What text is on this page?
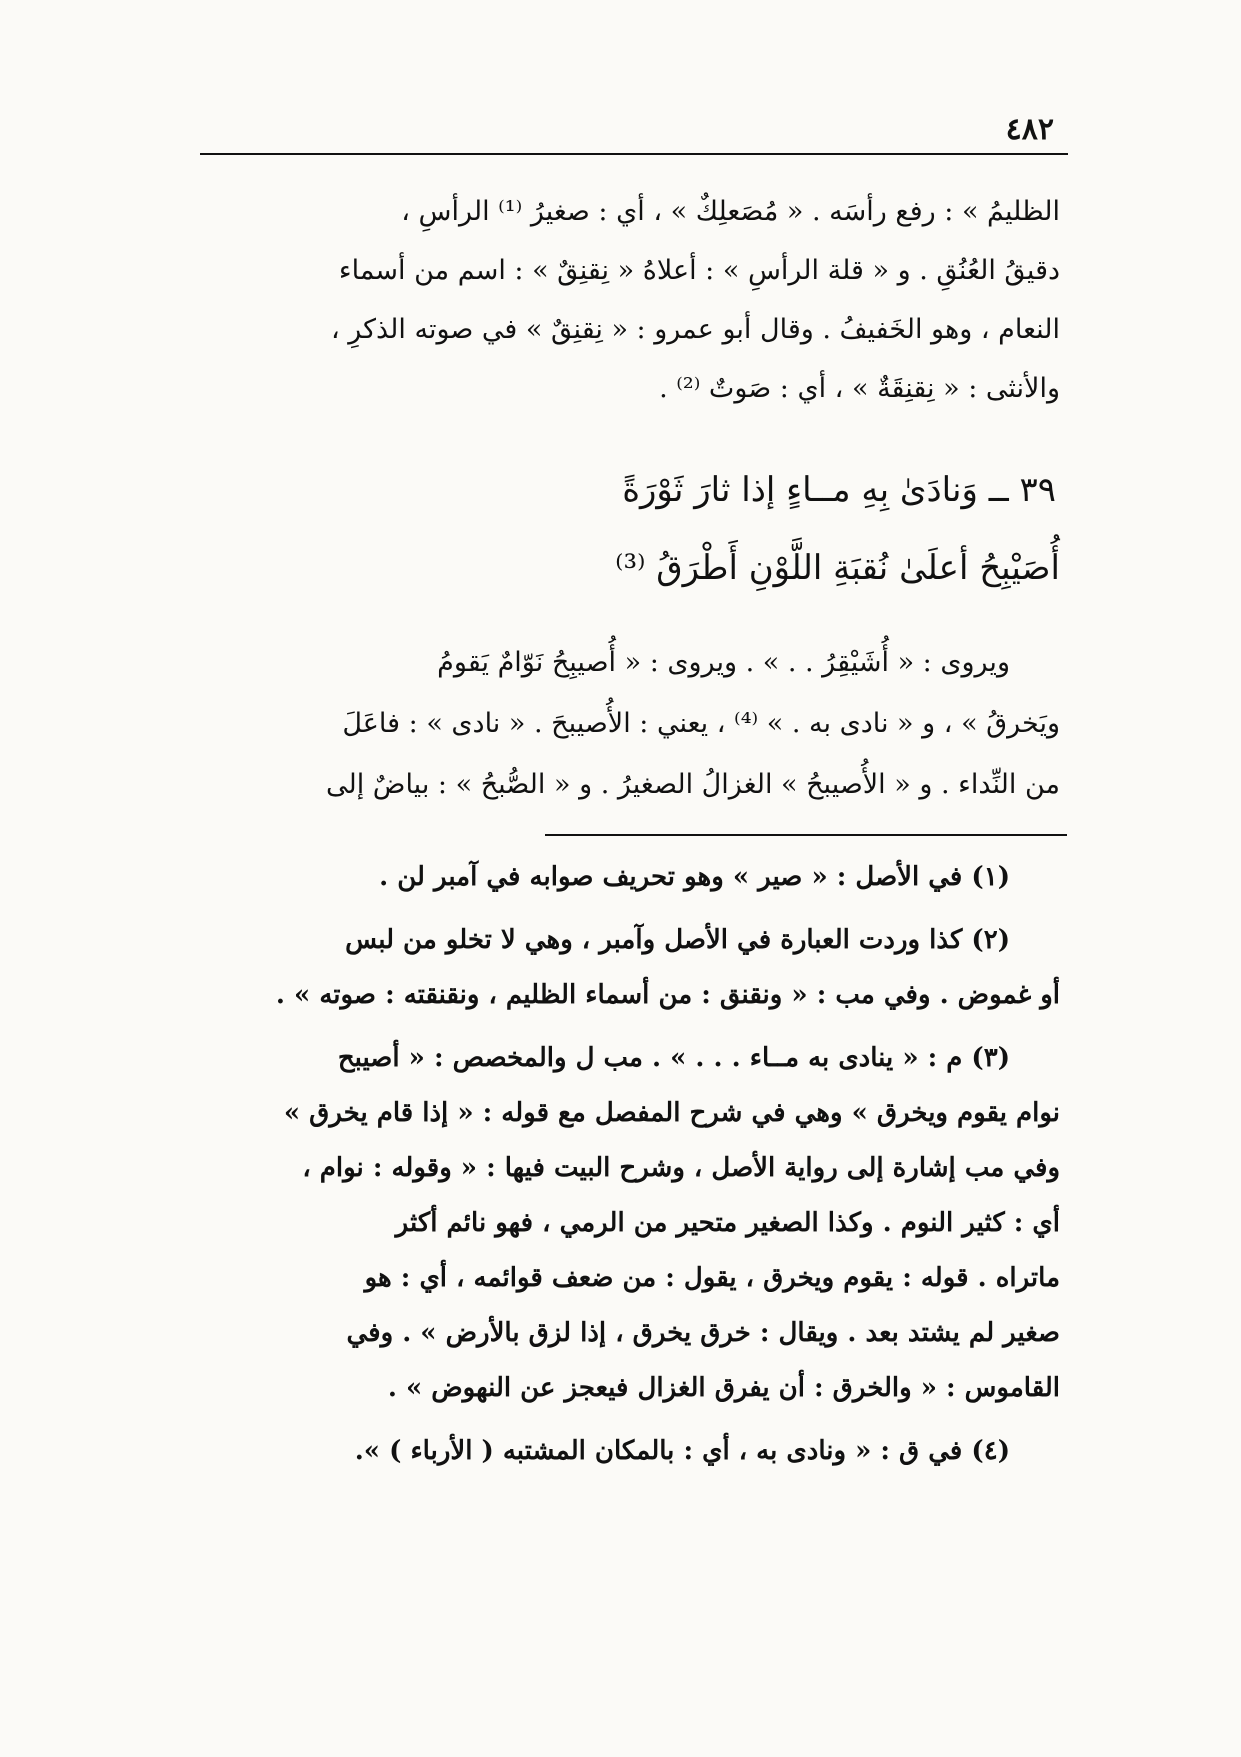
٤٨٢

الظليمُ » : رفع رأسَه . « مُصَعلِكٌ » ، أي : صغيرُ ⁽¹⁾ الرأسِ ،

دقيقُ العُنُقِ . و « قلة الرأسِ » : أعلاهُ « نِقنِقٌ » : اسم من أسماء

النعام ، وهو الخَفيفُ . وقال أبو عمرو : « نِقنِقٌ » في صوته الذكرِ ،

والأنثى : « نِقنِقَةٌ » ، أي : صَوتٌ ⁽²⁾ .

٣٩ ــ وَنادَىٰ بِهِ مــاءٍ إذا ثارَ ثَوْرَةً
أُصَيْبِحُ أعلَىٰ نُقبَةِ اللَّوْنِ أَطْرَقُ ⁽³⁾

ويروى : « أُشَيْقِرُ . . » . ويروى : « أُصيبِحُ نَوّامٌ يَقومُ

ويَخرقُ » ، و « نادى به . » ⁽⁴⁾ ، يعني : الأُصيبحَ . « نادى » : فاعَلَ

من النِّداء . و « الأُصيبحُ » الغزالُ الصغيرُ . و « الصُّبحُ » : بياضٌ إلى

(١) في الأصل : « صير » وهو تحريف صوابه في آمبر لن .
(٢) كذا وردت العبارة في الأصل وآمبر ، وهي لا تخلو من لبس
أو غموض . وفي مب : « ونقنق : من أسماء الظليم ، ونقنقته : صوته » .
(٣) م : « ينادى به مــاء . . . » . مب ل والمخصص : « أصيبح
نوام يقوم ويخرق » وهي في شرح المفصل مع قوله : « إذا قام يخرق »
وفي مب إشارة إلى رواية الأصل ، وشرح البيت فيها : « وقوله : نوام ،
أي : كثير النوم . وكذا الصغير متحير من الرمي ، فهو نائم أكثر
ماتراه . قوله : يقوم ويخرق ، يقول : من ضعف قوائمه ، أي : هو
صغير لم يشتد بعد . ويقال : خرق يخرق ، إذا لزق بالأرض » . وفي
القاموس : « والخرق : أن يفرق الغزال فيعجز عن النهوض » .
(٤) في ق : « ونادى به ، أي : بالمكان المشتبه ( الأرباء ) ».
